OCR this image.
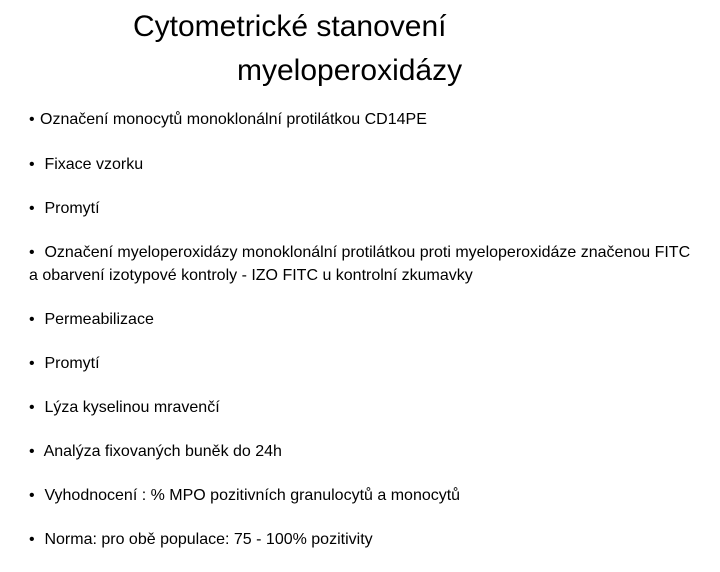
Cytometrické stanovení
myeloperoxidázy
• Označení monocytů monoklonální protilátkou CD14PE
• Fixace vzorku
• Promytí
• Označení myeloperoxidázy monoklonální protilátkou proti myeloperoxidáze značenou FITC a obarvení izotypové kontroly - IZO FITC u kontrolní zkumavky
• Permeabilizace
• Promytí
• Lýza kyselinou mravenčí
• Analýza fixovaných buněk do 24h
• Vyhodnocení : % MPO pozitivních granulocytů a monocytů
• Norma: pro obě populace: 75 - 100% pozitivity
